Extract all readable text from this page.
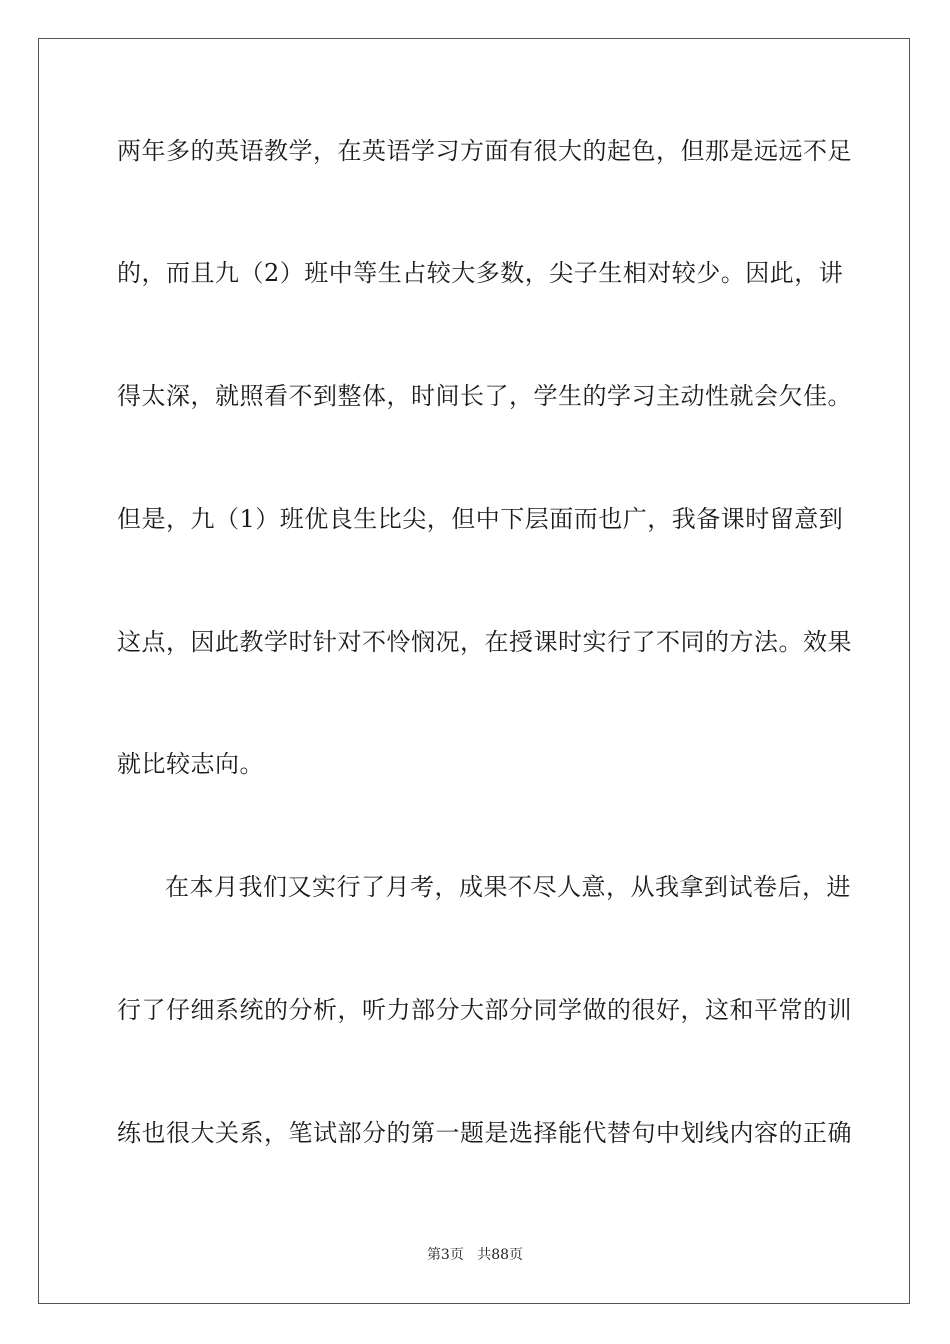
两年多的英语教学，在英语学习方面有很大的起色，但那是远远不足
的，而且九（2）班中等生占较大多数，尖子生相对较少。因此，讲
得太深，就照看不到整体，时间长了，学生的学习主动性就会欠佳。
但是，九（1）班优良生比尖，但中下层面而也广，我备课时留意到
这点，因此教学时针对不怜悯况，在授课时实行了不同的方法。效果
就比较志向。
在本月我们又实行了月考，成果不尽人意，从我拿到试卷后，进
行了仔细系统的分析，听力部分大部分同学做的很好，这和平常的训
练也很大关系，笔试部分的第一题是选择能代替句中划线内容的正确
第3页 共88页
